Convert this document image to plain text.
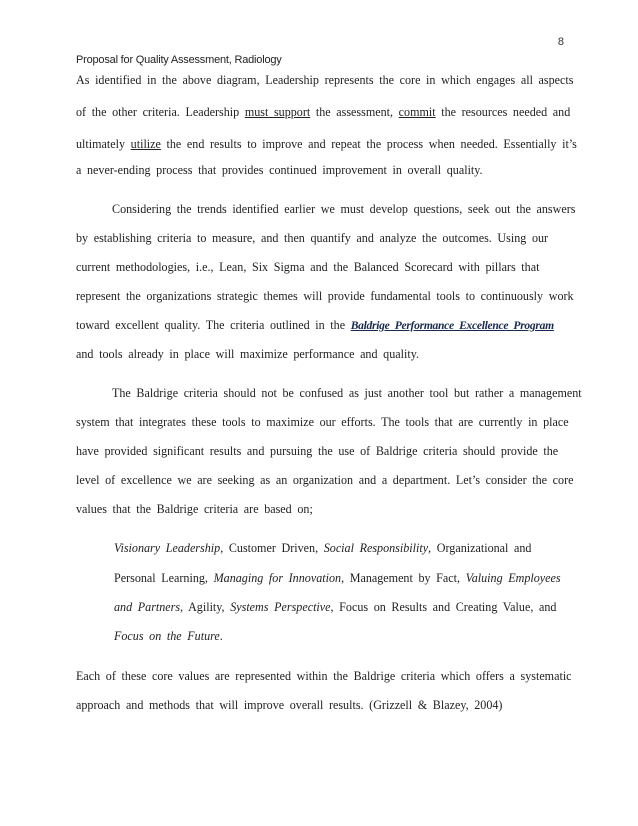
8
Proposal for Quality Assessment, Radiology
As identified in the above diagram, Leadership represents the core in which engages all aspects
of the other criteria. Leadership must support the assessment, commit the resources needed and
ultimately utilize the end results to improve and repeat the process when needed. Essentially it’s
a never-ending process that provides continued improvement in overall quality.
Considering the trends identified earlier we must develop questions, seek out the answers
by establishing criteria to measure, and then quantify and analyze the outcomes. Using our
current methodologies, i.e., Lean, Six Sigma and the Balanced Scorecard with pillars that
represent the organizations strategic themes will provide fundamental tools to continuously work
toward excellent quality. The criteria outlined in the Baldrige Performance Excellence Program
and tools already in place will maximize performance and quality.
The Baldrige criteria should not be confused as just another tool but rather a management
system that integrates these tools to maximize our efforts. The tools that are currently in place
have provided significant results and pursuing the use of Baldrige criteria should provide the
level of excellence we are seeking as an organization and a department. Let’s consider the core
values that the Baldrige criteria are based on;
Visionary Leadership, Customer Driven, Social Responsibility, Organizational and
Personal Learning, Managing for Innovation, Management by Fact, Valuing Employees
and Partners, Agility, Systems Perspective, Focus on Results and Creating Value, and
Focus on the Future.
Each of these core values are represented within the Baldrige criteria which offers a systematic
approach and methods that will improve overall results. (Grizzell & Blazey, 2004)
